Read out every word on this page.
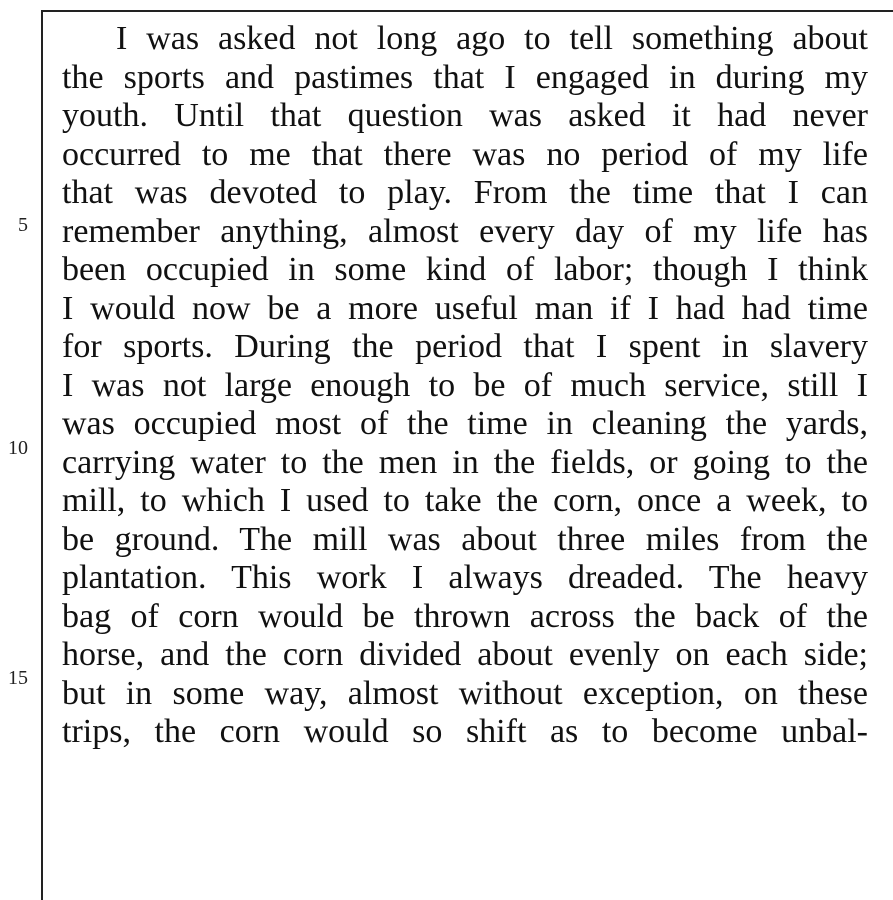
5
10
15
I was asked not long ago to tell something about
the sports and pastimes that I engaged in during my
youth. Until that question was asked it had never
occurred to me that there was no period of my life
that was devoted to play. From the time that I can
remember anything, almost every day of my life has
been occupied in some kind of labor; though I think
I would now be a more useful man if I had had time
for sports. During the period that I spent in slavery
I was not large enough to be of much service, still I
was occupied most of the time in cleaning the yards,
carrying water to the men in the fields, or going to the
mill, to which I used to take the corn, once a week, to
be ground. The mill was about three miles from the
plantation. This work I always dreaded. The heavy
bag of corn would be thrown across the back of the
horse, and the corn divided about evenly on each side;
but in some way, almost without exception, on these
trips, the corn would so shift as to become unbal-
